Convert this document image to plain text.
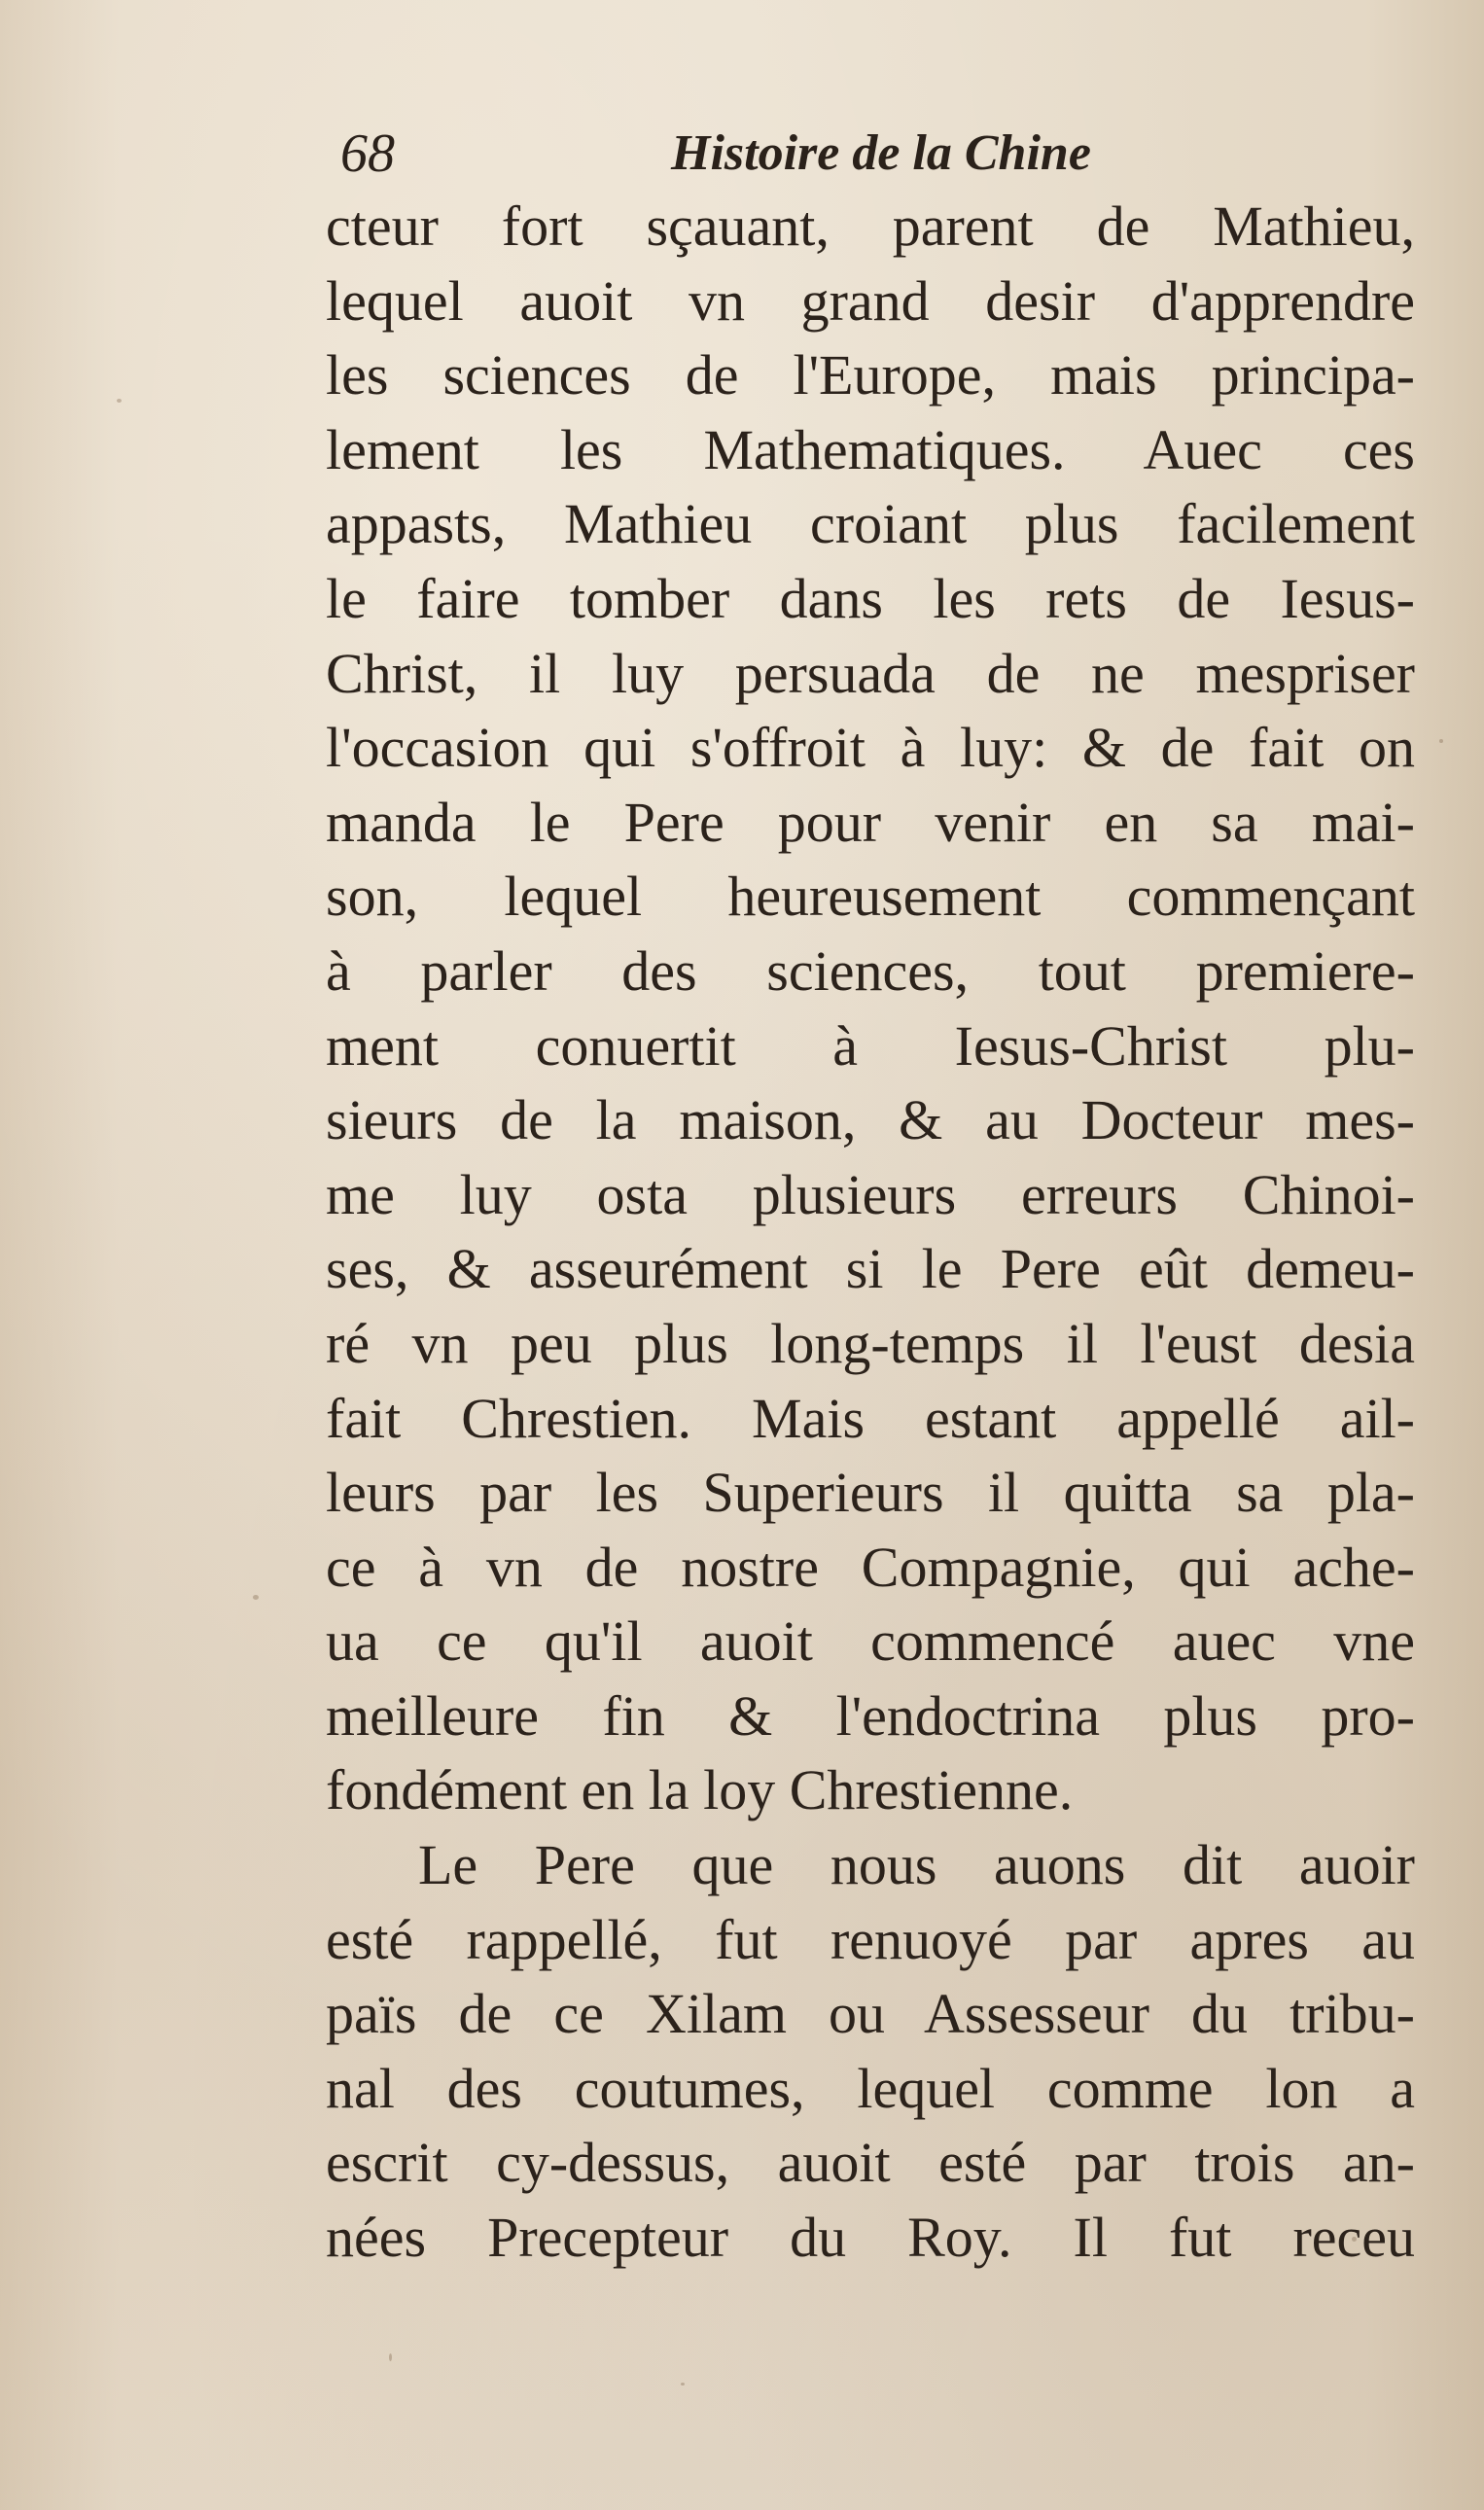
68	Histoire de la Chine
cteur fort sçauant, parent de Mathieu,
lequel auoit vn grand desir d'apprendre
les sciences de l'Europe, mais principa-
lement les Mathematiques. Auec ces
appasts, Mathieu croiant plus facilement
le faire tomber dans les rets de Iesus-
Christ, il luy persuada de ne mespriser
l'occasion qui s'offroit à luy: & de fait on
manda le Pere pour venir en sa mai-
son, lequel heureusement commençant
à parler des sciences, tout premiere-
ment conuertit à Iesus-Christ plu-
sieurs de la maison, & au Docteur mes-
me luy osta plusieurs erreurs Chinoi-
ses, & asseurément si le Pere eût demeu-
ré vn peu plus long-temps il l'eust desia
fait Chrestien. Mais estant appellé ail-
leurs par les Superieurs il quitta sa pla-
ce à vn de nostre Compagnie, qui ache-
ua ce qu'il auoit commencé auec vne
meilleure fin & l'endoctrina plus pro-
fondément en la loy Chrestienne.
Le Pere que nous auons dit auoir
esté rappellé, fut renuoyé par apres au
païs de ce Xilam ou Assesseur du tribu-
nal des coutumes, lequel comme lon a
escrit cy-dessus, auoit esté par trois an-
nées Precepteur du Roy. Il fut receu
